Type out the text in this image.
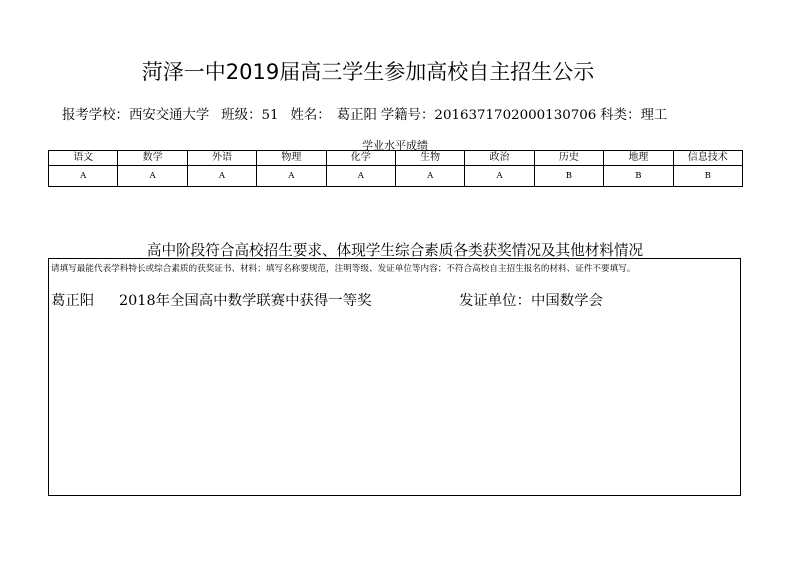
菏泽一中2019届高三学生参加高校自主招生公示
报考学校：西安交通大学 班级：51 姓名： 葛正阳 学籍号：2016371702000130706 科类：理工
学业水平成绩
语文	数学	外语	物理	化学	生物	政治	历史	地理	信息技术
A	A	A	A	A	A	A	B	B	B
高中阶段符合高校招生要求、体现学生综合素质各类获奖情况及其他材料情况
请填写最能代表学科特长或综合素质的获奖证书、材料；填写名称要规范，注明等级、发证单位等内容；不符合高校自主招生报名的材料、证件不要填写。
葛正阳 2018年全国高中数学联赛中获得一等奖	发证单位：中国数学会
